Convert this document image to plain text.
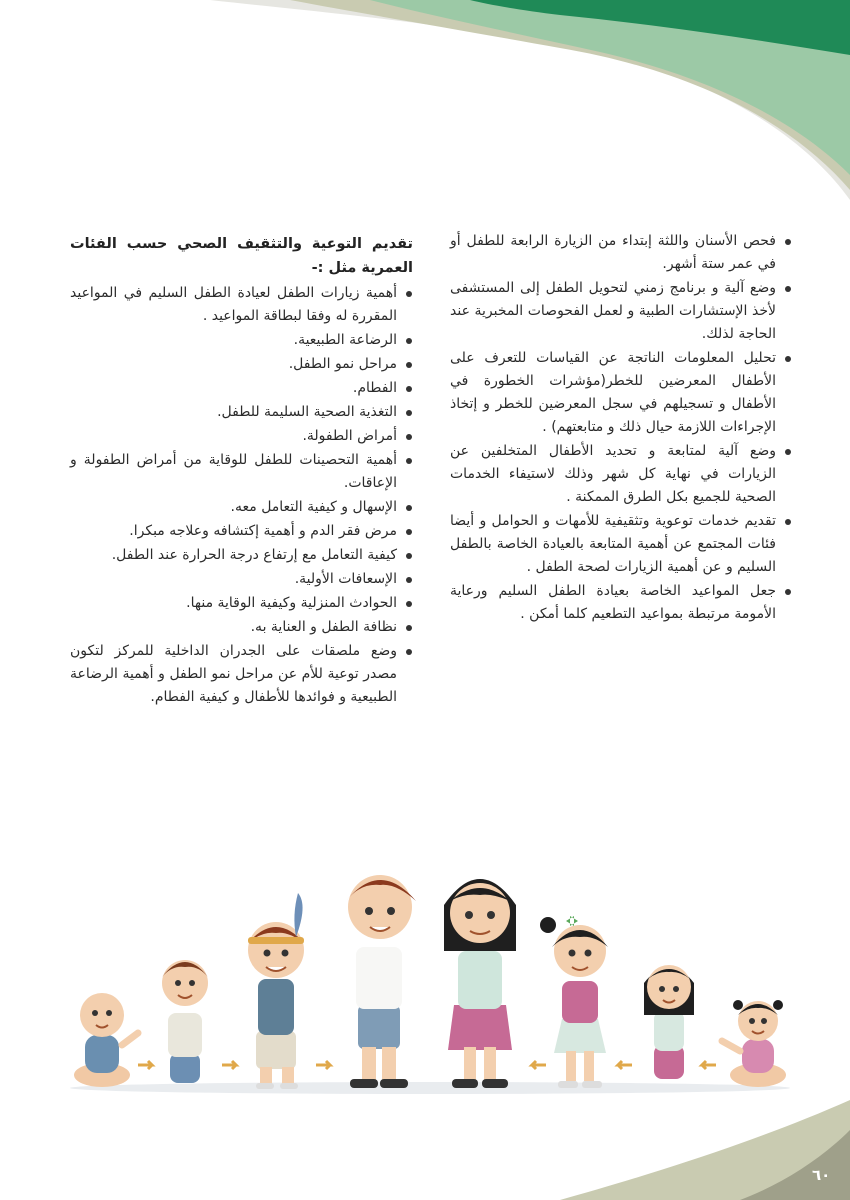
فحص الأسنان واللثة إبتداء من الزيارة الرابعة للطفل أو في عمر ستة أشهر.
وضع آلية و برنامج زمني لتحويل الطفل إلى المستشفى لأخذ الإستشارات الطبية و لعمل الفحوصات المخبرية عند الحاجة لذلك.
تحليل المعلومات الناتجة عن القياسات للتعرف على الأطفال المعرضين للخطر(مؤشرات الخطورة في الأطفال و تسجيلهم في سجل المعرضين للخطر و إتخاذ الإجراءات اللازمة حيال ذلك و متابعتهم) .
وضع آلية لمتابعة و تحديد الأطفال المتخلفين عن الزيارات في نهاية كل شهر وذلك لاستيفاء الخدمات الصحية للجميع بكل الطرق الممكنة .
تقديم خدمات توعوية وتثقيفية للأمهات و الحوامل و أيضا فئات المجتمع عن أهمية المتابعة بالعيادة الخاصة بالطفل السليم و عن أهمية الزيارات لصحة الطفل .
جعل المواعيد الخاصة بعيادة الطفل السليم ورعاية الأمومة مرتبطة بمواعيد التطعيم كلما أمكن .
تقديم التوعية والتثقيف الصحي حسب الفئات العمرية مثل :-
أهمية زيارات الطفل لعيادة الطفل السليم في المواعيد المقررة له وفقا لبطاقة المواعيد .
الرضاعة الطبيعية.
مراحل نمو الطفل.
الفطام.
التغذية الصحية السليمة للطفل.
أمراض الطفولة.
أهمية التحصينات للطفل للوقاية من أمراض الطفولة و الإعاقات.
الإسهال و كيفية التعامل معه.
مرض فقر الدم و أهمية إكتشافه وعلاجه مبكرا.
كيفية التعامل مع إرتفاع درجة الحرارة عند الطفل.
الإسعافات الأولية.
الحوادث المنزلية وكيفية الوقاية منها.
نظافة الطفل و العناية به.
وضع ملصقات على الجدران الداخلية للمركز لتكون مصدر توعية للأم عن مراحل نمو الطفل و أهمية الرضاعة الطبيعية و فوائدها للأطفال و كيفية الفطام.
٦٠
